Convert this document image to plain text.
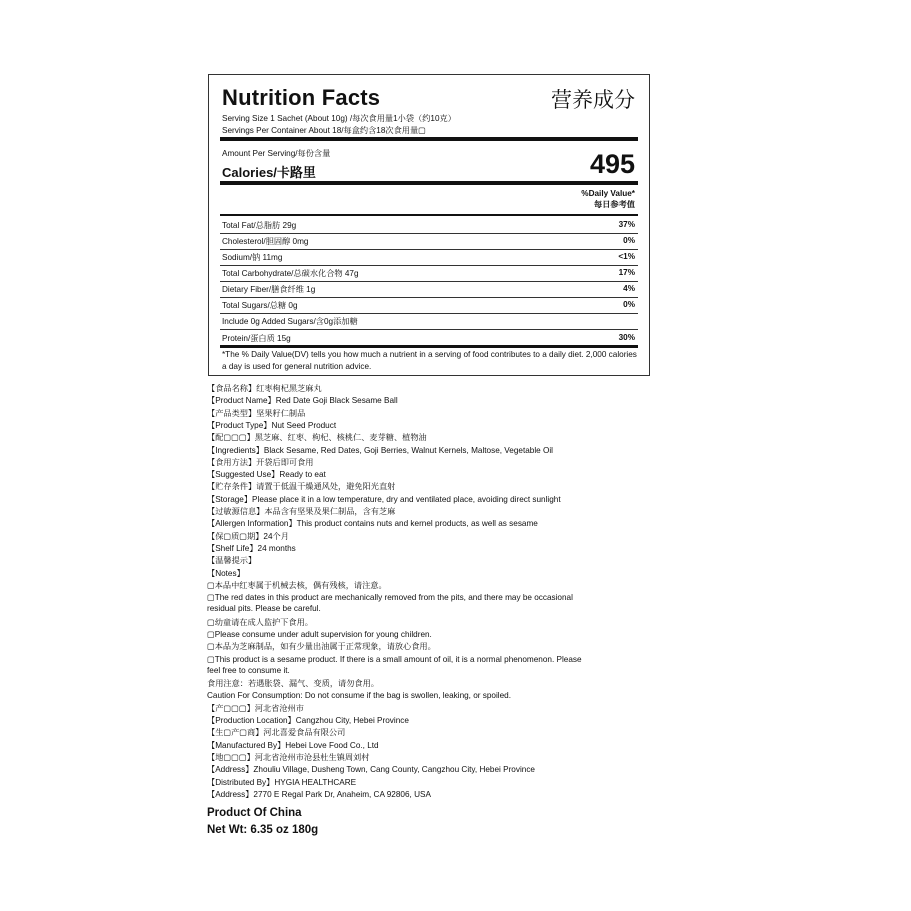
Nutrition Facts	营养成分
Serving Size 1 Sachet (About 10g) /每次食用量1小袋（约10克）
Servings Per Container About 18/每盒约含18次食用量▢
Amount Per Serving/每份含量
Calories/卡路里	495
%Daily Value*
每日参考值
Total Fat/总脂肪 29g	37%
Cholesterol/胆固醇 0mg	0%
Sodium/钠 11mg	<1%
Total Carbohydrate/总碳水化合物 47g	17%
Dietary Fiber/膳食纤维 1g	4%
Total Sugars/总糖 0g	0%
Include 0g Added Sugars/含0g添加糖
Protein/蛋白质 15g	30%
*The % Daily Value(DV) tells you how much a nutrient in a serving of food contributes to a daily diet. 2,000 calories a day is used for general nutrition advice.
【食品名称】红枣枸杞黑芝麻丸
【Product Name】Red Date Goji Black Sesame Ball
【产品类型】坚果籽仁制品
【Product Type】Nut Seed Product
【配▢▢▢】黑芝麻、红枣、枸杞、核桃仁、麦芽糖、植物油
【Ingredients】Black Sesame, Red Dates, Goji Berries, Walnut Kernels, Maltose, Vegetable Oil
【食用方法】开袋后即可食用
【Suggested Use】Ready to eat
【贮存条件】请置于低温干燥通风处，避免阳光直射
【Storage】Please place it in a low temperature, dry and ventilated place, avoiding direct sunlight
【过敏源信息】本品含有坚果及果仁制品，含有芝麻
【Allergen Information】This product contains nuts and kernel products, as well as sesame
【保▢质▢期】24个月
【Shelf Life】24 months
【温馨提示】
【Notes】
▢本品中红枣属于机械去核，偶有残核，请注意。
▢The red dates in this product are mechanically removed from the pits, and there may be occasional
residual pits. Please be careful.
▢幼童请在成人监护下食用。
▢Please consume under adult supervision for young children.
▢本品为芝麻制品，如有少量出油属于正常现象，请放心食用。
▢This product is a sesame product. If there is a small amount of oil, it is a normal phenomenon. Please
feel free to consume it.
食用注意：若遇胀袋、漏气、变质，请勿食用。
Caution For Consumption: Do not consume if the bag is swollen, leaking, or spoiled.
【产▢▢▢】河北省沧州市
【Production Location】Cangzhou City, Hebei Province
【生▢产▢商】河北喜爱食品有限公司
【Manufactured By】Hebei Love Food Co., Ltd
【地▢▢▢】河北省沧州市沧县杜生镇周刘村
【Address】Zhouliu Village, Dusheng Town, Cang County, Cangzhou City, Hebei Province
【Distributed By】HYGIA HEALTHCARE
【Address】2770 E Regal Park Dr, Anaheim, CA 92806, USA
Product Of China
Net Wt: 6.35 oz 180g
